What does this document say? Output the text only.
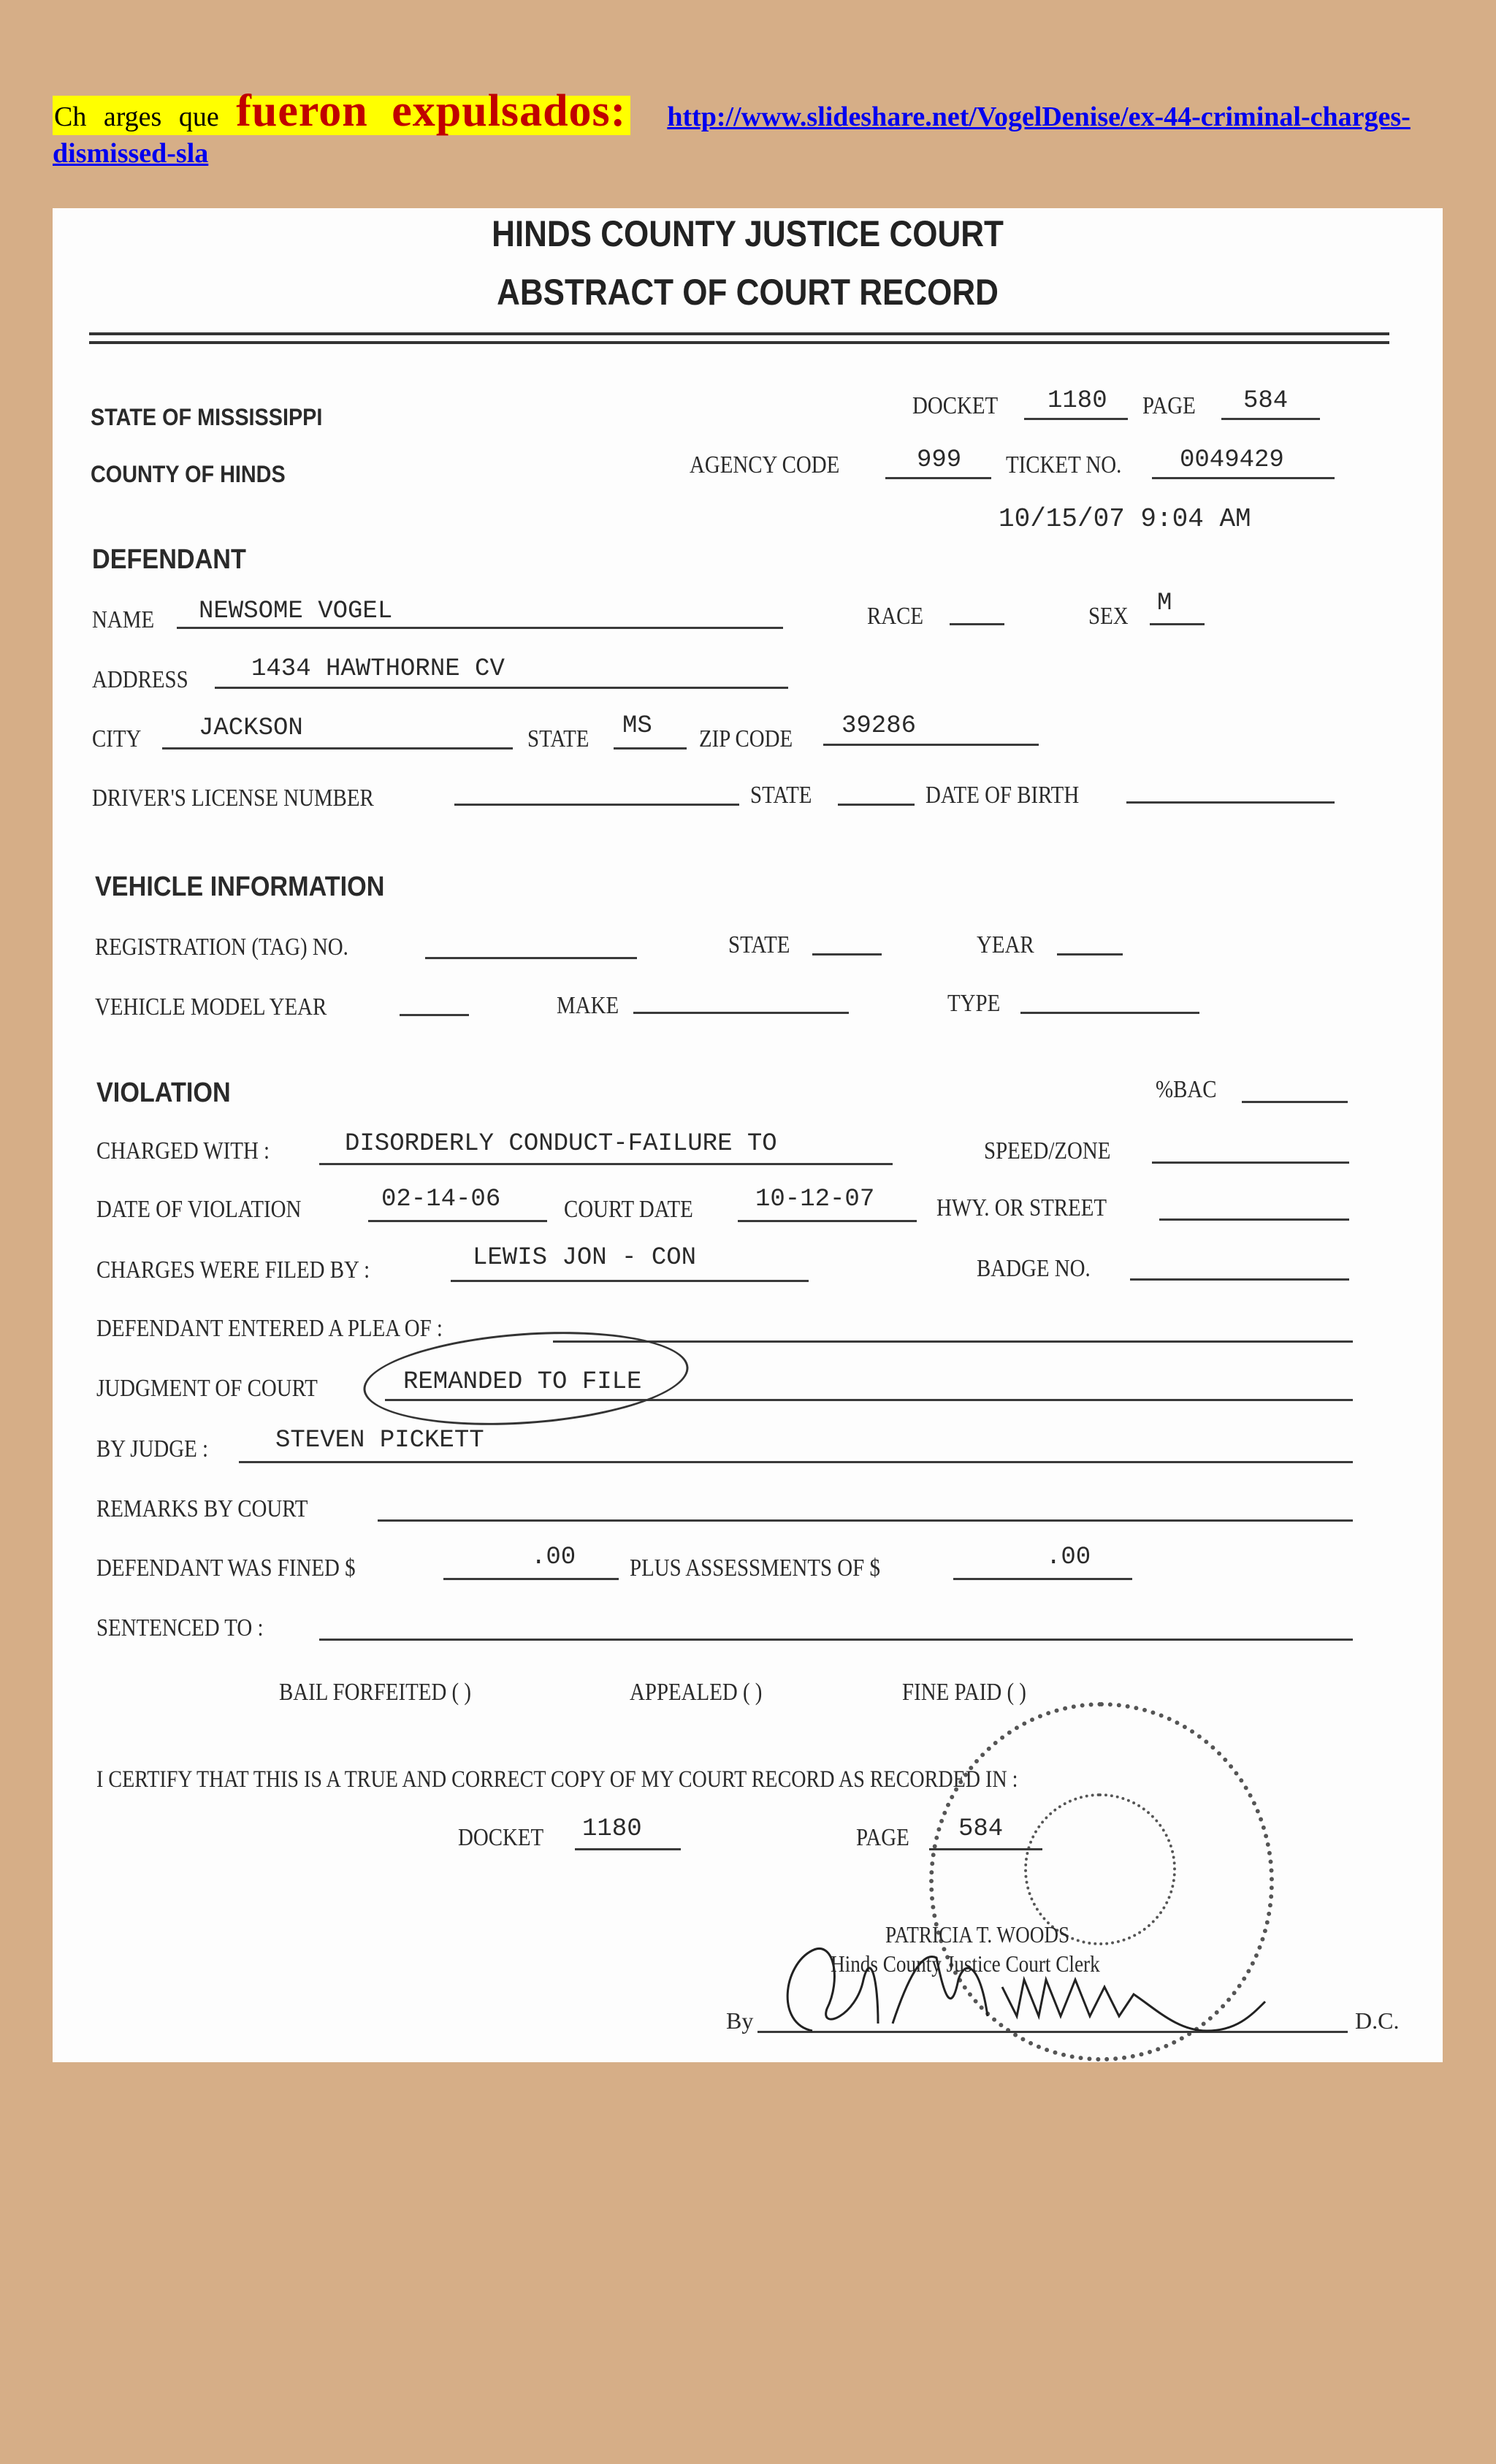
Ch arges que fueron expulsados: http://www.slideshare.net/VogelDenise/ex-44-criminal-charges-
dismissed-sla
HINDS COUNTY JUSTICE COURT
ABSTRACT OF COURT RECORD
STATE OF MISSISSIPPI
COUNTY OF HINDS
DOCKET 1180 PAGE 584
AGENCY CODE	999 TICKET NO. 0049429
10/15/07 9:04 AM
DEFENDANT
NAME NEWSOME VOGEL	RACE	SEX M
ADDRESS	1434 HAWTHORNE CV
CITY JACKSON	STATE MS ZIP CODE 39286
DRIVER'S LICENSE NUMBER	STATE	DATE OF BIRTH
VEHICLE INFORMATION
REGISTRATION (TAG) NO.	STATE	YEAR
VEHICLE MODEL YEAR	MAKE	TYPE
VIOLATION	%BAC
CHARGED WITH :	DISORDERLY CONDUCT-FAILURE TO	SPEED/ZONE
DATE OF VIOLATION	02-14-06	COURT DATE	10-12-07 HWY. OR STREET
CHARGES WERE FILED BY :	LEWIS JON - CON	BADGE NO.
DEFENDANT ENTERED A PLEA OF :
JUDGMENT OF COURT	REMANDED TO FILE
BY JUDGE :	STEVEN PICKETT
REMARKS BY COURT
DEFENDANT WAS FINED $	.00 PLUS ASSESSMENTS OF $	.00
SENTENCED TO :
BAIL FORFEITED ( )	APPEALED ( )	FINE PAID ( )
I CERTIFY THAT THIS IS A TRUE AND CORRECT COPY OF MY COURT RECORD AS RECORDED IN :
DOCKET 1180	PAGE 584
PATRICIA T. WOODS
Hinds County Justice Court Clerk
By	D.C.
